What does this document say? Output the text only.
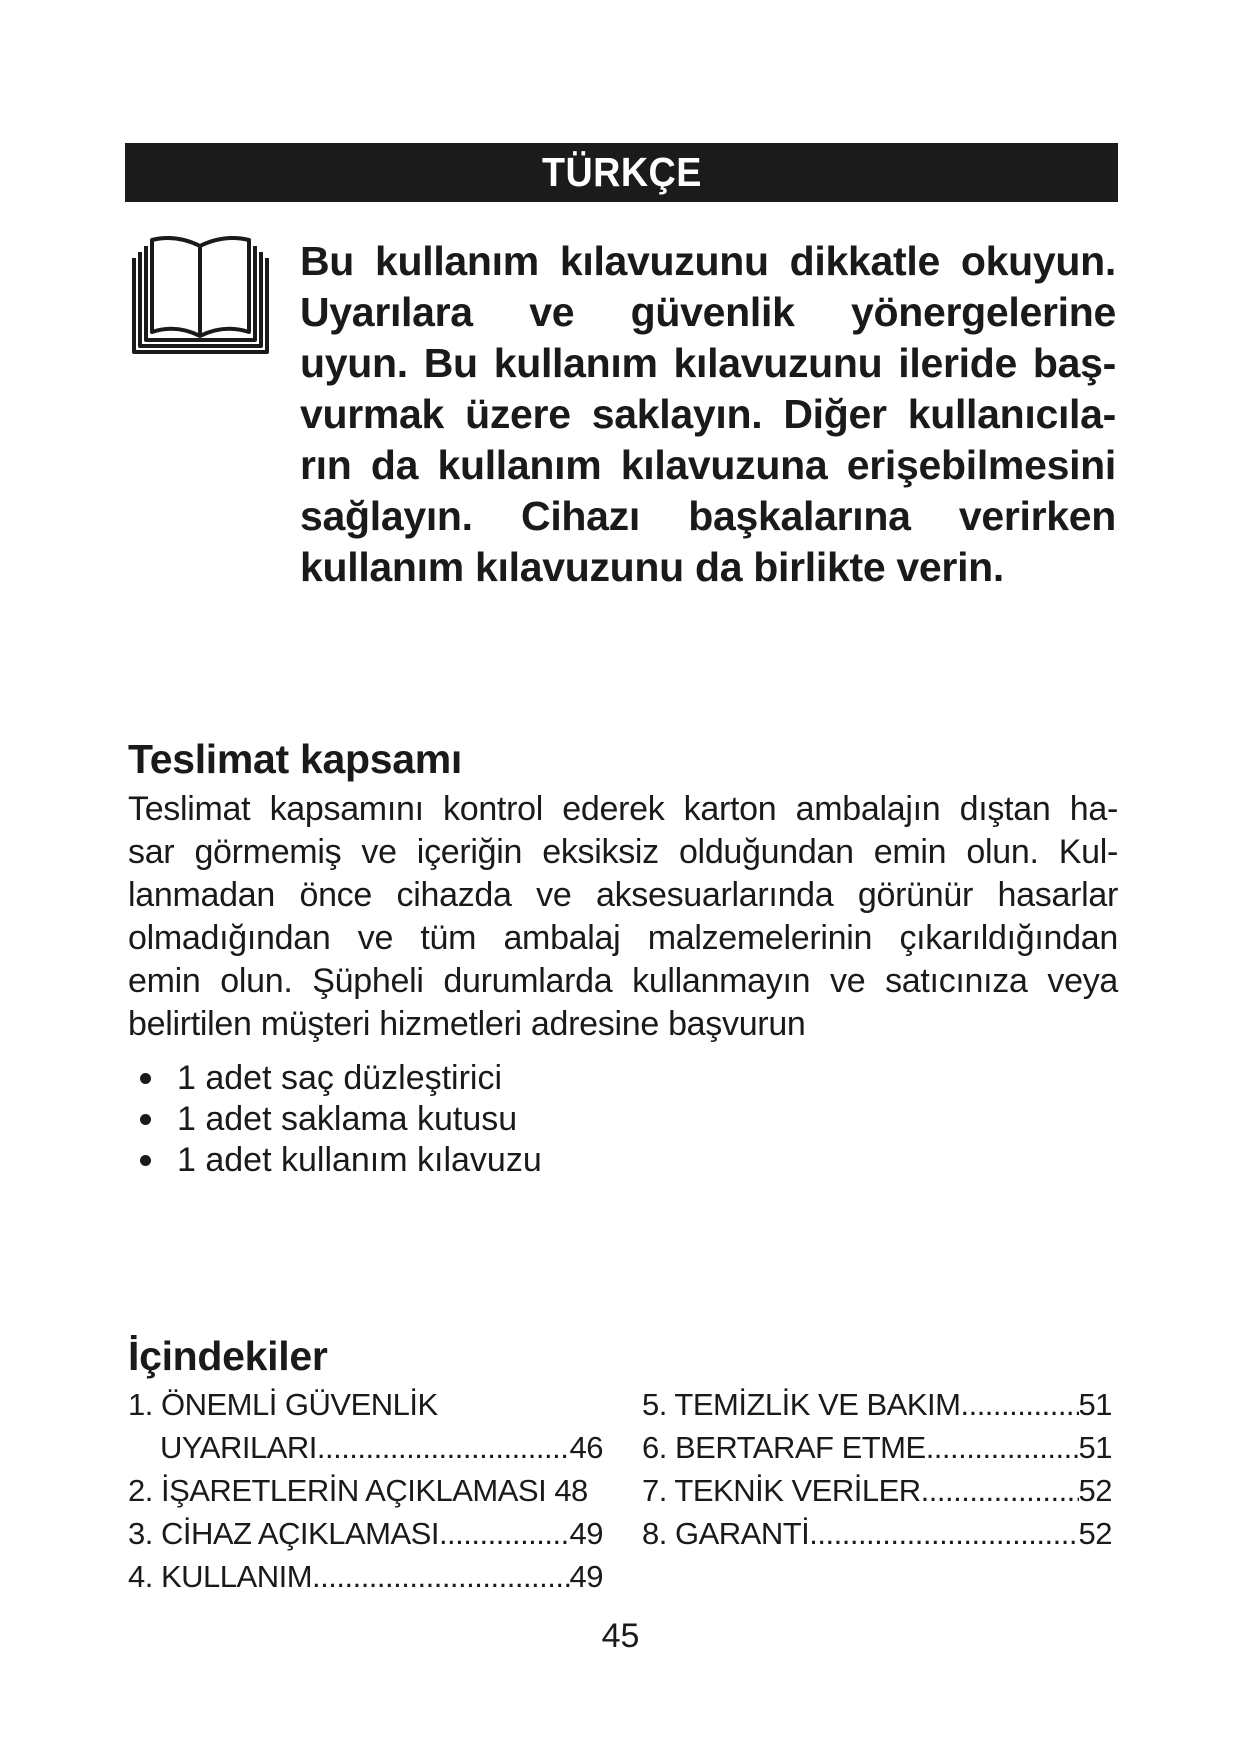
TÜRKÇE
Bu kullanım kılavuzunu dikkatle okuyun.
Uyarılara ve güvenlik yönergelerine
uyun. Bu kullanım kılavuzunu ileride baş-
vurmak üzere saklayın. Diğer kullanıcıla-
rın da kullanım kılavuzuna erişebilmesini
sağlayın. Cihazı başkalarına verirken
kullanım kılavuzunu da birlikte verin.
Teslimat kapsamı
Teslimat kapsamını kontrol ederek karton ambalajın dıştan ha-
sar görmemiş ve içeriğin eksiksiz olduğundan emin olun. Kul-
lanmadan önce cihazda ve aksesuarlarında görünür hasarlar
olmadığından ve tüm ambalaj malzemelerinin çıkarıldığından
emin olun. Şüpheli durumlarda kullanmayın ve satıcınıza veya
belirtilen müşteri hizmetleri adresine başvurun
1 adet saç düzleştirici
1 adet saklama kutusu
1 adet kullanım kılavuzu
İçindekiler
1. ÖNEMLİ GÜVENLİK
UYARILARI .....	46
2. İŞARETLERİN AÇIKLAMASI 48
3. CİHAZ AÇIKLAMASI .....	49
4. KULLANIM .....	49
5. TEMİZLİK VE BAKIM .....	51
6. BERTARAF ETME .....	51
7. TEKNİK VERİLER .....	52
8. GARANTİ .....	52
45
